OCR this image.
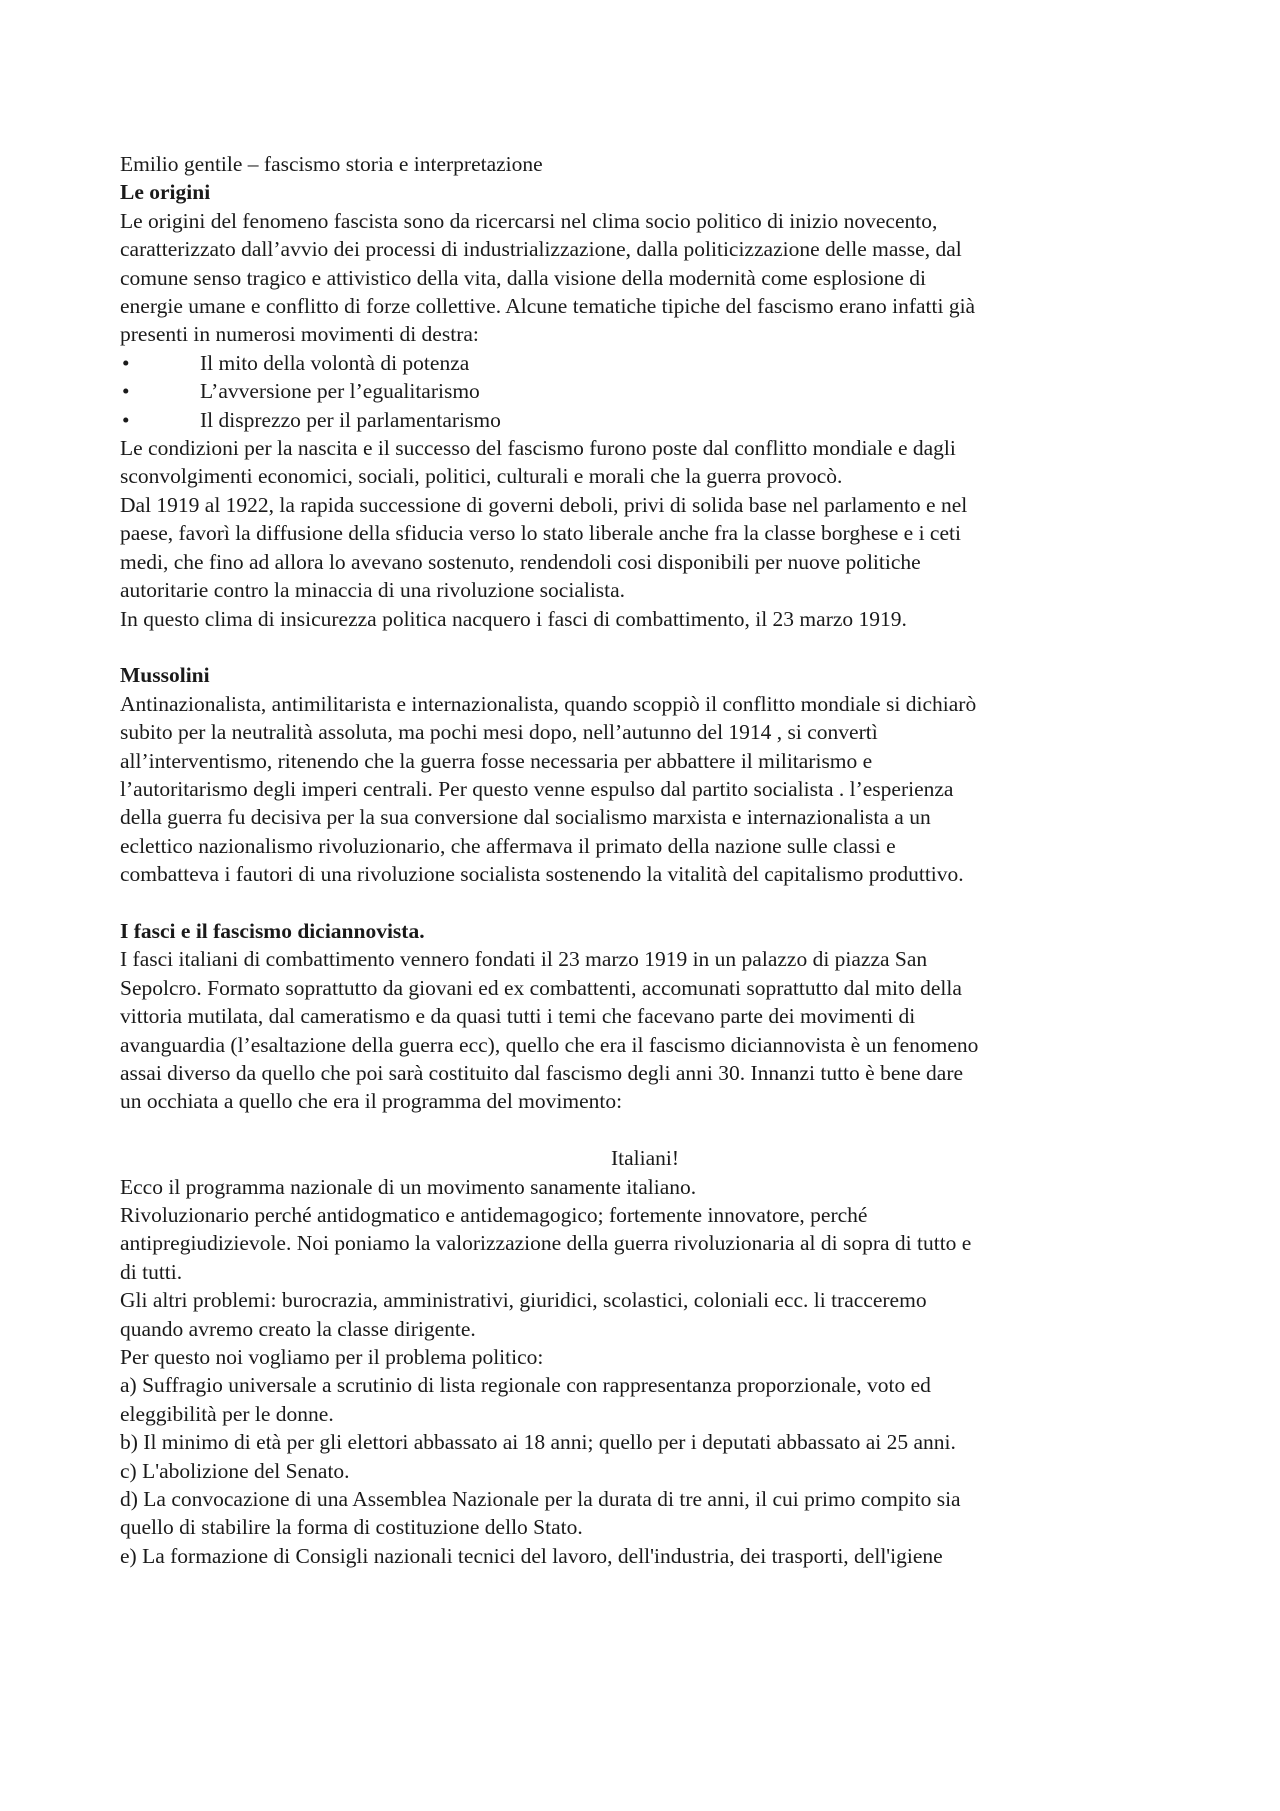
Emilio gentile – fascismo storia e interpretazione
Le origini
Le origini del fenomeno fascista sono da ricercarsi nel clima socio politico di inizio novecento,
caratterizzato dall’avvio dei processi di industrializzazione, dalla politicizzazione delle masse, dal
comune senso tragico e attivistico della vita, dalla visione della modernità come esplosione di
energie umane e conflitto di forze collettive. Alcune tematiche tipiche del fascismo erano infatti già
presenti in numerosi movimenti di destra:
•	Il mito della volontà di potenza
•	L’avversione per l’egualitarismo
•	Il disprezzo per il parlamentarismo
Le condizioni per la nascita e il successo del fascismo furono poste dal conflitto mondiale e dagli
sconvolgimenti economici, sociali, politici, culturali e morali che la guerra provocò.
Dal 1919 al 1922, la rapida successione di governi deboli, privi di solida base nel parlamento e nel
paese, favorì la diffusione della sfiducia verso lo stato liberale anche fra la classe borghese e i ceti
medi, che fino ad allora lo avevano sostenuto, rendendoli cosi disponibili per nuove politiche
autoritarie contro la minaccia di una rivoluzione socialista.
In questo clima di insicurezza politica nacquero i fasci di combattimento, il 23 marzo 1919.
Mussolini
Antinazionalista, antimilitarista e internazionalista, quando scoppiò il conflitto mondiale si dichiarò
subito per la neutralità assoluta, ma pochi mesi dopo, nell’autunno del 1914 , si convertì
all’interventismo, ritenendo che la guerra fosse necessaria per abbattere il militarismo e
l’autoritarismo degli imperi centrali. Per questo venne espulso dal partito socialista . l’esperienza
della guerra fu decisiva per la sua conversione dal socialismo marxista e internazionalista a un
eclettico nazionalismo rivoluzionario, che affermava il primato della nazione sulle classi e
combatteva i fautori di una rivoluzione socialista sostenendo la vitalità del capitalismo produttivo.
I fasci e il fascismo diciannovista.
I fasci italiani di combattimento vennero fondati il 23 marzo 1919 in un palazzo di piazza San
Sepolcro. Formato soprattutto da giovani ed ex combattenti, accomunati soprattutto dal mito della
vittoria mutilata, dal cameratismo e da quasi tutti i temi che facevano parte dei movimenti di
avanguardia (l’esaltazione della guerra ecc), quello che era il fascismo diciannovista è un fenomeno
assai diverso da quello che poi sarà costituito dal fascismo degli anni 30. Innanzi tutto è bene dare
un occhiata a quello che era il programma del movimento:
Italiani!
Ecco il programma nazionale di un movimento sanamente italiano.
Rivoluzionario perché antidogmatico e antidemagogico; fortemente innovatore, perché
antipregiudizievole. Noi poniamo la valorizzazione della guerra rivoluzionaria al di sopra di tutto e
di tutti.
Gli altri problemi: burocrazia, amministrativi, giuridici, scolastici, coloniali ecc. li tracceremo
quando avremo creato la classe dirigente.
Per questo noi vogliamo per il problema politico:
a) Suffragio universale a scrutinio di lista regionale con rappresentanza proporzionale, voto ed
eleggibilità per le donne.
b) Il minimo di età per gli elettori abbassato ai 18 anni; quello per i deputati abbassato ai 25 anni.
c) L'abolizione del Senato.
d) La convocazione di una Assemblea Nazionale per la durata di tre anni, il cui primo compito sia
quello di stabilire la forma di costituzione dello Stato.
e) La formazione di Consigli nazionali tecnici del lavoro, dell'industria, dei trasporti, dell'igiene
